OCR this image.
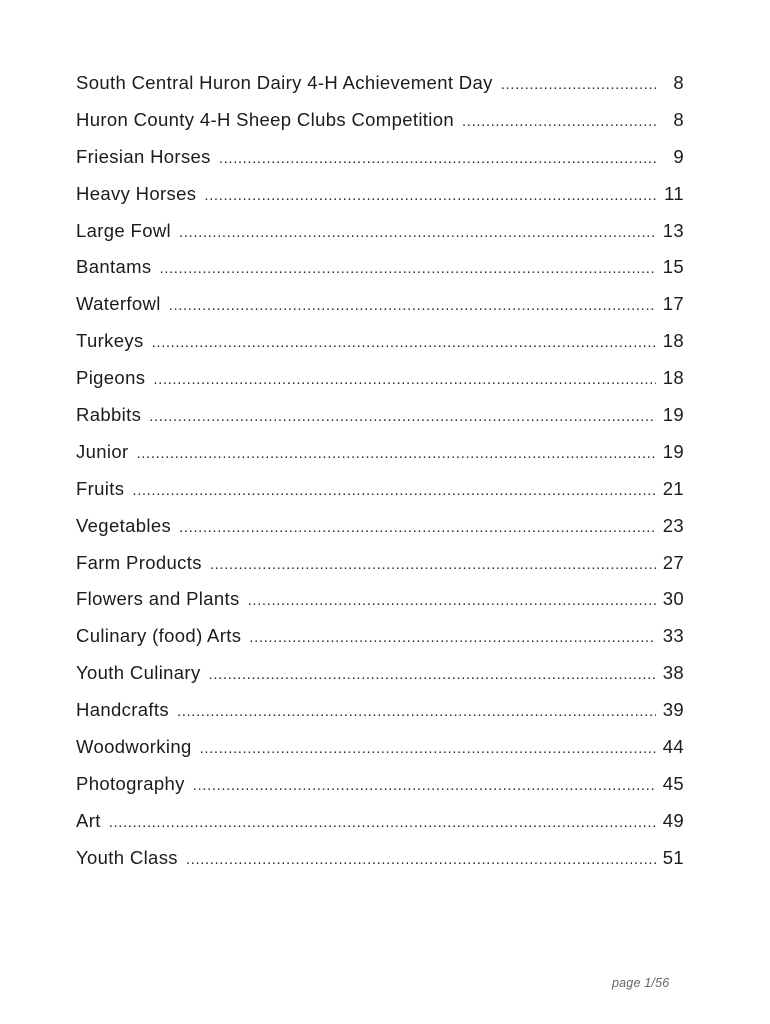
South Central Huron Dairy 4-H Achievement Day .....	8
Huron County 4-H Sheep Clubs Competition .....	8
Friesian Horses .....	9
Heavy Horses .....	11
Large Fowl .....	13
Bantams .....	15
Waterfowl .....	17
Turkeys .....	18
Pigeons .....	18
Rabbits .....	19
Junior .....	19
Fruits .....	21
Vegetables .....	23
Farm Products .....	27
Flowers and Plants .....	30
Culinary (food) Arts .....	33
Youth Culinary .....	38
Handcrafts .....	39
Woodworking .....	44
Photography .....	45
Art .....	49
Youth Class .....	51
page 1/56
